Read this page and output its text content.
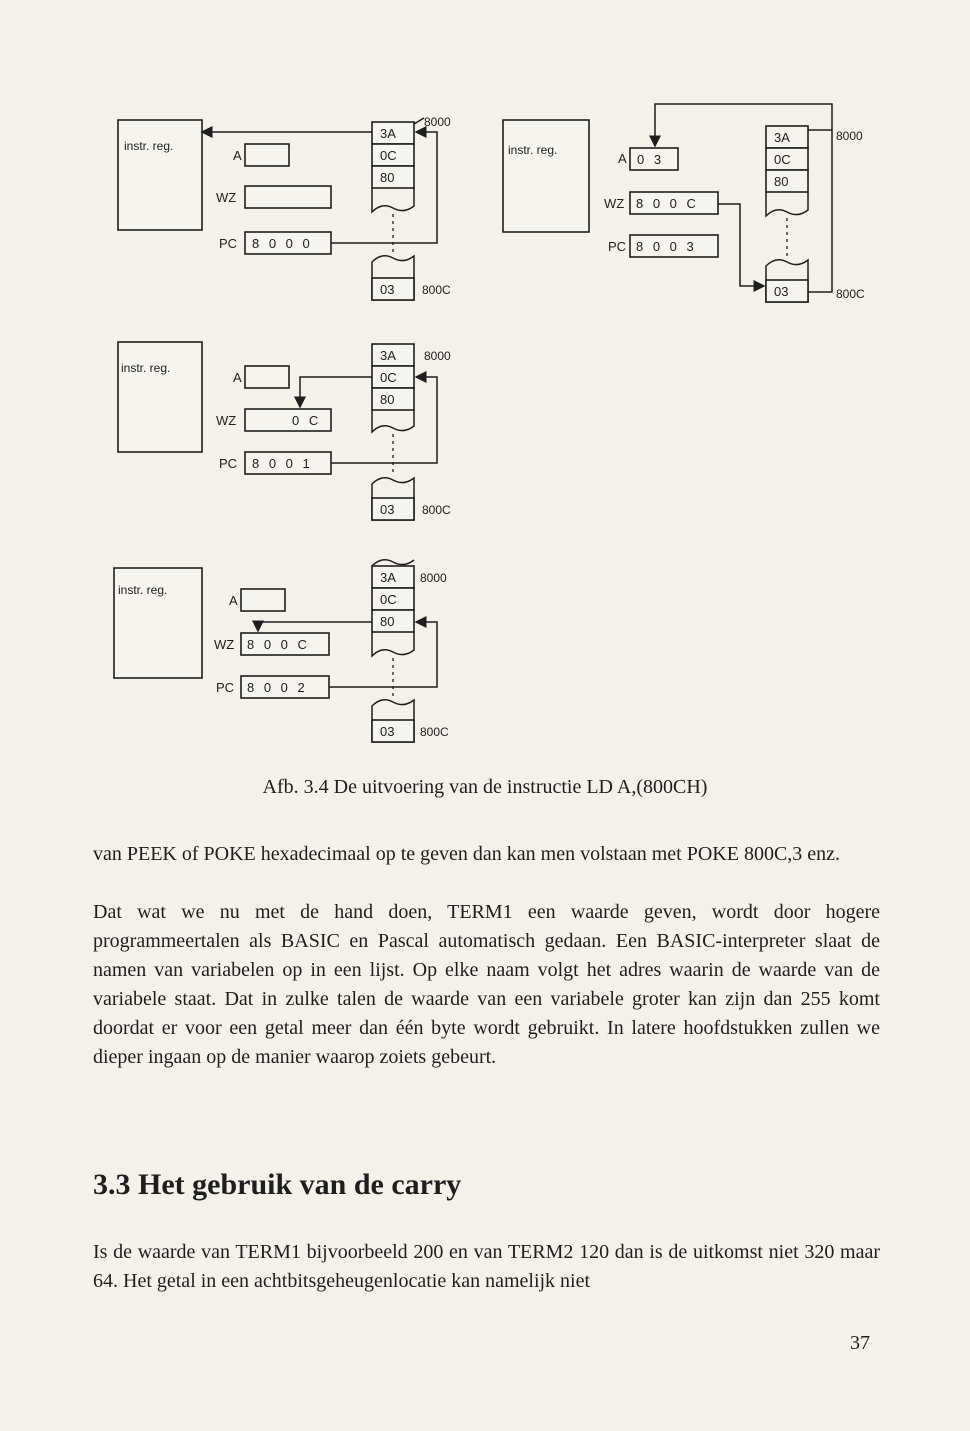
instr. reg.
A
WZ
PC 8 0 0 0
3A
0C
80
03
8000
800C
instr. reg.
A 0 3
WZ 8 0 0 C
PC 8 0 0 3
3A
0C
80
03
8000
800C
instr. reg.
A
WZ	0 C
PC 8 0 0 1
3A
0C
80
03
8000
800C
instr. reg.
A
WZ 8 0 0 C
PC 8 0 0 2
3A
0C
80
03
8000
800C
Afb. 3.4 De uitvoering van de instructie LD A,(800CH)
van PEEK of POKE hexadecimaal op te geven dan kan men volstaan met POKE 800C,3 enz.
Dat wat we nu met de hand doen, TERM1 een waarde geven, wordt door hogere programmeertalen als BASIC en Pascal automatisch gedaan. Een BASIC-interpreter slaat de namen van variabelen op in een lijst. Op elke naam volgt het adres waarin de waarde van de variabele staat. Dat in zulke talen de waarde van een variabele groter kan zijn dan 255 komt doordat er voor een getal meer dan één byte wordt gebruikt. In latere hoofdstukken zullen we dieper ingaan op de manier waarop zoiets gebeurt.
3.3 Het gebruik van de carry
Is de waarde van TERM1 bijvoorbeeld 200 en van TERM2 120 dan is de uitkomst niet 320 maar 64. Het getal in een achtbitsgeheugenlocatie kan namelijk niet
37
